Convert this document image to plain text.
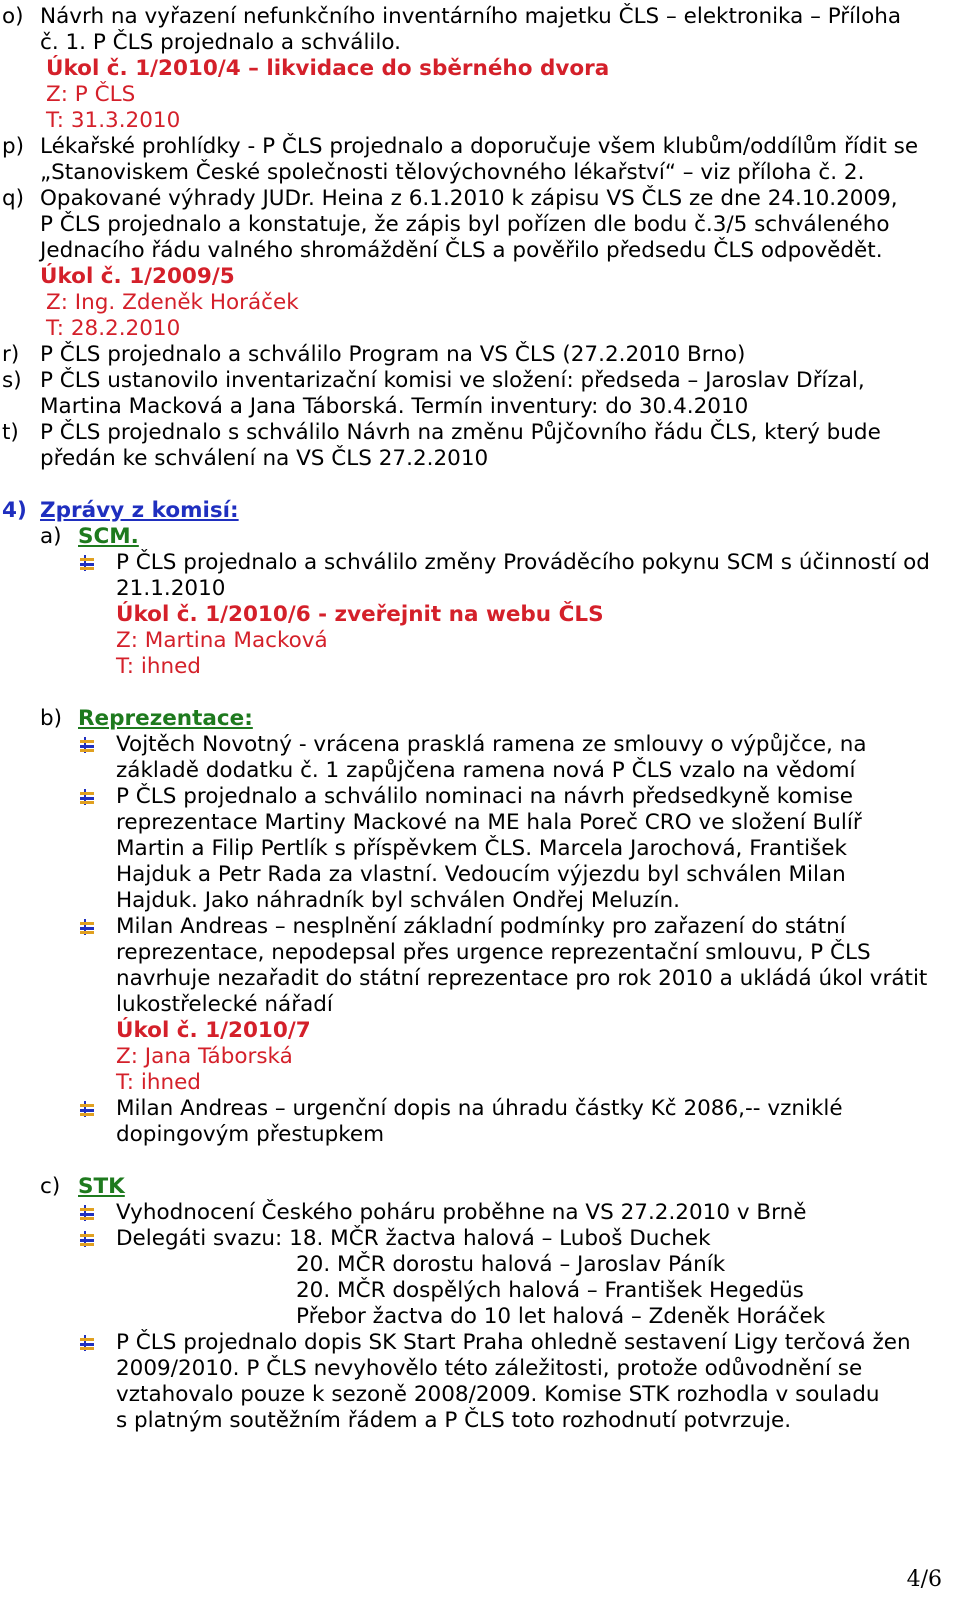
o) Návrh na vyřazení nefunkčního inventárního majetku ČLS – elektronika – Příloha
č. 1. P ČLS projednalo a schválilo.
Úkol č. 1/2010/4 – likvidace do sběrného dvora
Z: P ČLS
T: 31.3.2010
p) Lékařské prohlídky - P ČLS projednalo a doporučuje všem klubům/oddílům řídit se
„Stanoviskem České společnosti tělovýchovného lékařství“ – viz příloha č. 2.
q) Opakované výhrady JUDr. Heina z 6.1.2010 k zápisu VS ČLS ze dne 24.10.2009,
P ČLS projednalo a konstatuje, že zápis byl pořízen dle bodu č.3/5 schváleného
Jednacího řádu valného shromáždění ČLS a pověřilo předsedu ČLS odpovědět.
Úkol č. 1/2009/5
Z: Ing. Zdeněk Horáček
T: 28.2.2010
r) P ČLS projednalo a schválilo Program na VS ČLS (27.2.2010 Brno)
s) P ČLS ustanovilo inventarizační komisi ve složení: předseda – Jaroslav Dřízal,
Martina Macková a Jana Táborská. Termín inventury: do 30.4.2010
t) P ČLS projednalo s schválilo Návrh na změnu Půjčovního řádu ČLS, který bude
předán ke schválení na VS ČLS 27.2.2010
4) Zprávy z komisí:
a) SCM.
P ČLS projednalo a schválilo změny Prováděcího pokynu SCM s účinností od
21.1.2010
Úkol č. 1/2010/6 - zveřejnit na webu ČLS
Z: Martina Macková
T: ihned
b) Reprezentace:
Vojtěch Novotný - vrácena prasklá ramena ze smlouvy o výpůjčce, na
základě dodatku č. 1 zapůjčena ramena nová P ČLS vzalo na vědomí
P ČLS projednalo a schválilo nominaci na návrh předsedkyně komise
reprezentace Martiny Mackové na ME hala Poreč CRO ve složení Bulíř
Martin a Filip Pertlík s příspěvkem ČLS. Marcela Jarochová, František
Hajduk a Petr Rada za vlastní. Vedoucím výjezdu byl schválen Milan
Hajduk. Jako náhradník byl schválen Ondřej Meluzín.
Milan Andreas – nesplnění základní podmínky pro zařazení do státní
reprezentace, nepodepsal přes urgence reprezentační smlouvu, P ČLS
navrhuje nezařadit do státní reprezentace pro rok 2010 a ukládá úkol vrátit
lukostřelecké nářadí
Úkol č. 1/2010/7
Z: Jana Táborská
T: ihned
Milan Andreas – urgenční dopis na úhradu částky Kč 2086,-- vzniklé
dopingovým přestupkem
c) STK
Vyhodnocení Českého poháru proběhne na VS 27.2.2010 v Brně
Delegáti svazu: 18. MČR žactva halová – Luboš Duchek
20. MČR dorostu halová – Jaroslav Páník
20. MČR dospělých halová – František Hegedüs
Přebor žactva do 10 let halová – Zdeněk Horáček
P ČLS projednalo dopis SK Start Praha ohledně sestavení Ligy terčová žen
2009/2010. P ČLS nevyhovělo této záležitosti, protože odůvodnění se
vztahovalo pouze k sezoně 2008/2009. Komise STK rozhodla v souladu
s platným soutěžním řádem a P ČLS toto rozhodnutí potvrzuje.
4/6
